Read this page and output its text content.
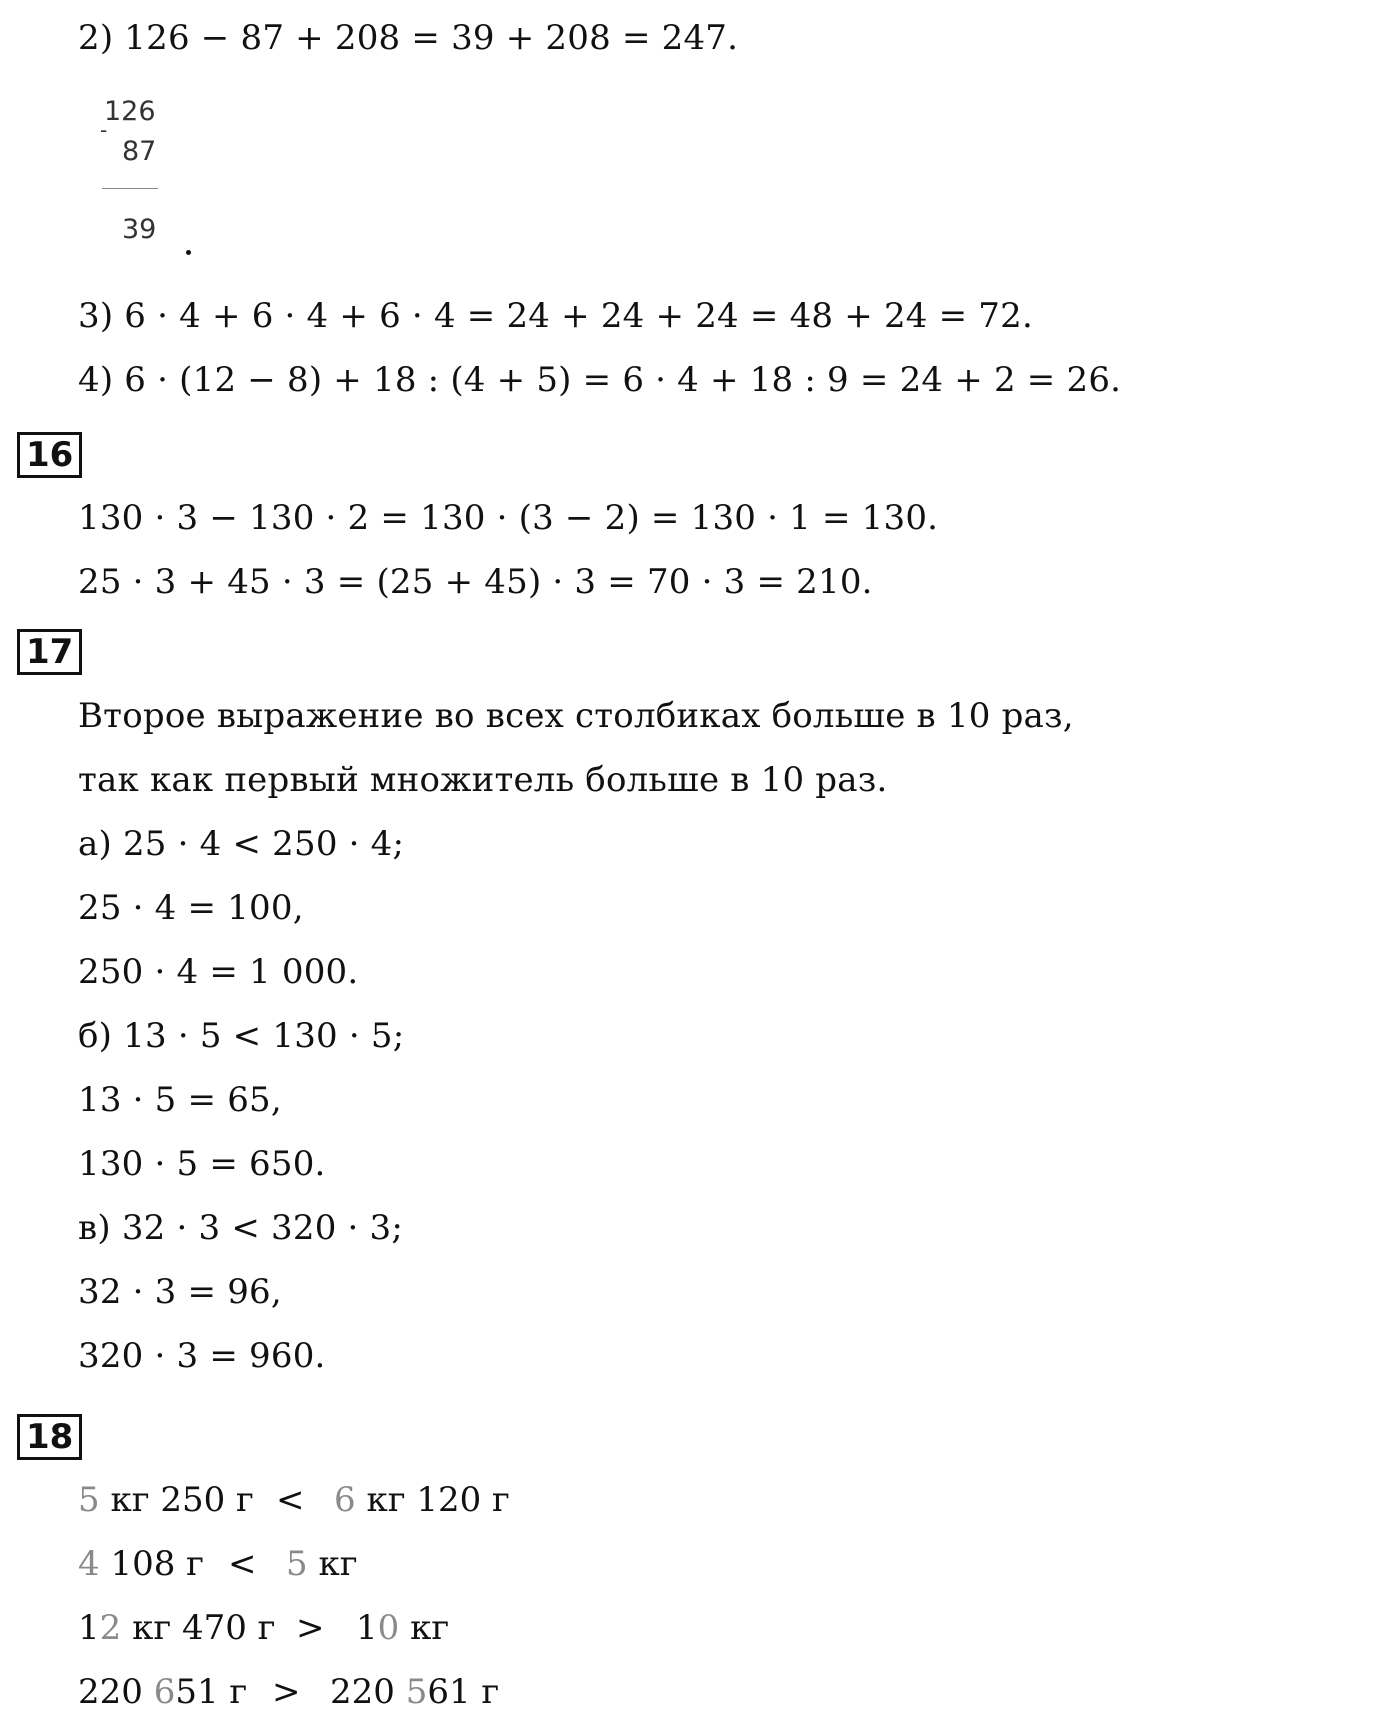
2) 126 − 87 + 208 = 39 + 208 = 247.
126
-
87
39
3) 6 · 4 + 6 · 4 + 6 · 4 = 24 + 24 + 24 = 48 + 24 = 72.
4) 6 · (12 − 8) + 18 : (4 + 5) = 6 · 4 + 18 : 9 = 24 + 2 = 26.
16
130 · 3 − 130 · 2 = 130 · (3 − 2) = 130 · 1 = 130.
25 · 3 + 45 · 3 = (25 + 45) · 3 = 70 · 3 = 210.
17
Второе выражение во всех столбиках больше в 10 раз,
так как первый множитель больше в 10 раз.
а) 25 · 4 < 250 · 4;
25 · 4 = 100,
250 · 4 = 1 000.
б) 13 · 5 < 130 · 5;
13 · 5 = 65,
130 · 5 = 650.
в) 32 · 3 < 320 · 3;
32 · 3 = 96,
320 · 3 = 960.
18
5 кг 250 г < 6 кг 120 г
4 108 г < 5 кг
12 кг 470 г > 10 кг
220 651 г > 220 561 г
